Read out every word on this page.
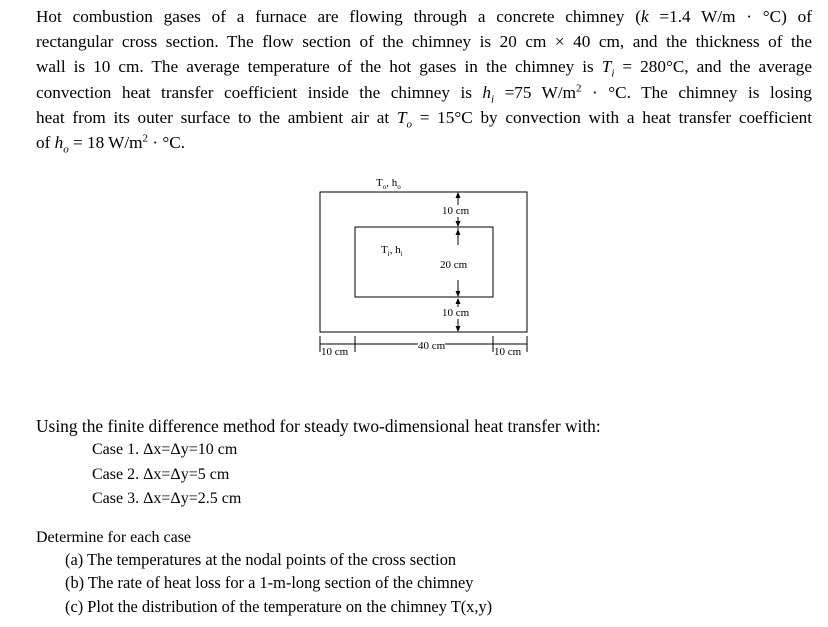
Hot combustion gases of a furnace are flowing through a concrete chimney (k =1.4 W/m · °C) of
rectangular cross section. The flow section of the chimney is 20 cm × 40 cm, and the thickness of the
wall is 10 cm. The average temperature of the hot gases in the chimney is $T_i = 280^\circ C$, and the average
convection heat transfer coefficient inside the chimney is $h_i =75$ $W/m^2 \cdot ^\circ C$. The chimney is losing
heat from its outer surface to the ambient air at $T_o = 15^\circ C$ by convection with a heat transfer coefficient
of $h_o = 18$ $W/m^2 \cdot ^\circ C$.
$T_o$, $h_o$
$T_i$, $h_i$
10 cm
20 cm
10 cm
40 cm
10 cm	10 cm
Using the finite difference method for steady two-dimensional heat transfer with:
Case 1. Δx=Δy=10 cm
Case 2. Δx=Δy=5 cm
Case 3. Δx=Δy=2.5 cm
Determine for each case
(a) The temperatures at the nodal points of the cross section
(b) The rate of heat loss for a 1-m-long section of the chimney
(c) Plot the distribution of the temperature on the chimney T(x,y)
